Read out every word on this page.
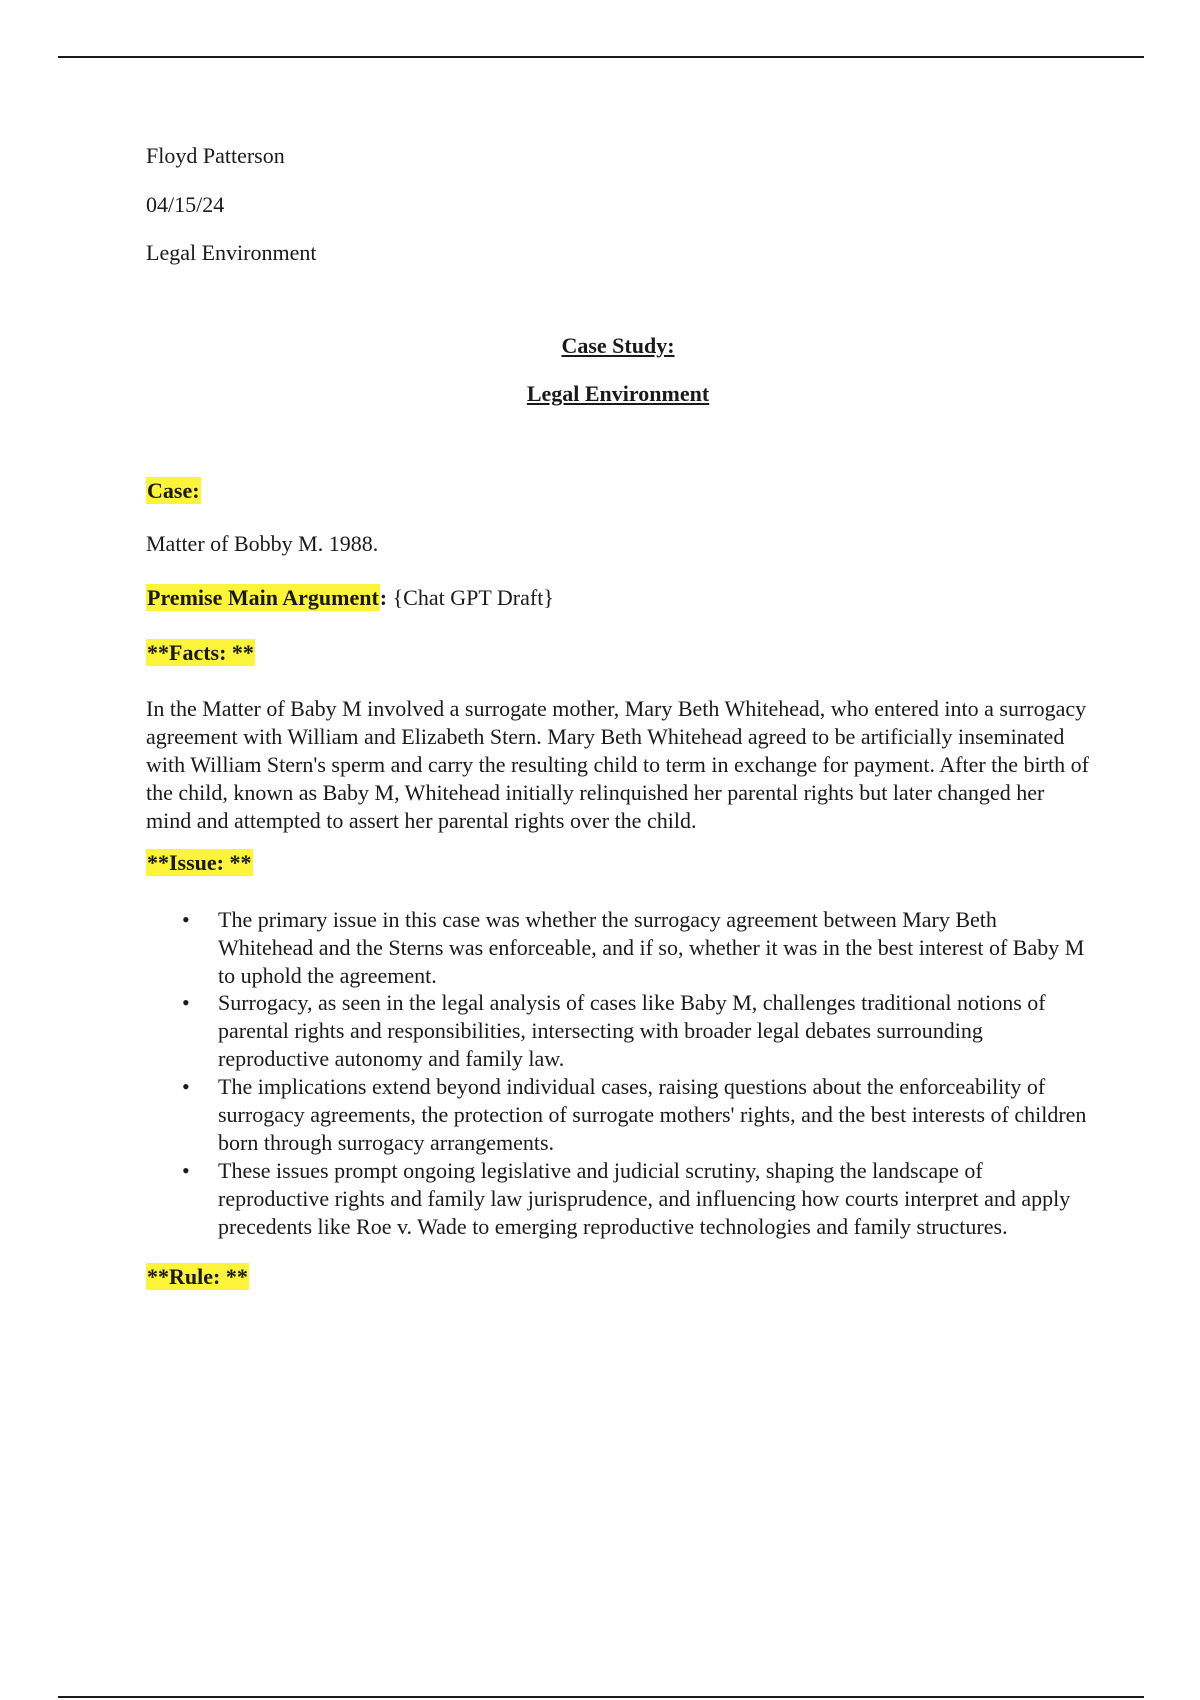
Floyd Patterson

04/15/24

Legal Environment

Case Study:

Legal Environment

Case:

Matter of Bobby M. 1988.

Premise Main Argument: {Chat GPT Draft}

**Facts: **

In the Matter of Baby M involved a surrogate mother, Mary Beth Whitehead, who entered into a surrogacy agreement with William and Elizabeth Stern. Mary Beth Whitehead agreed to be artificially inseminated with William Stern's sperm and carry the resulting child to term in exchange for payment. After the birth of the child, known as Baby M, Whitehead initially relinquished her parental rights but later changed her mind and attempted to assert her parental rights over the child.

**Issue: **

• The primary issue in this case was whether the surrogacy agreement between Mary Beth Whitehead and the Sterns was enforceable, and if so, whether it was in the best interest of Baby M to uphold the agreement.
• Surrogacy, as seen in the legal analysis of cases like Baby M, challenges traditional notions of parental rights and responsibilities, intersecting with broader legal debates surrounding reproductive autonomy and family law.
• The implications extend beyond individual cases, raising questions about the enforceability of surrogacy agreements, the protection of surrogate mothers' rights, and the best interests of children born through surrogacy arrangements.
• These issues prompt ongoing legislative and judicial scrutiny, shaping the landscape of reproductive rights and family law jurisprudence, and influencing how courts interpret and apply precedents like Roe v. Wade to emerging reproductive technologies and family structures.

**Rule: **
